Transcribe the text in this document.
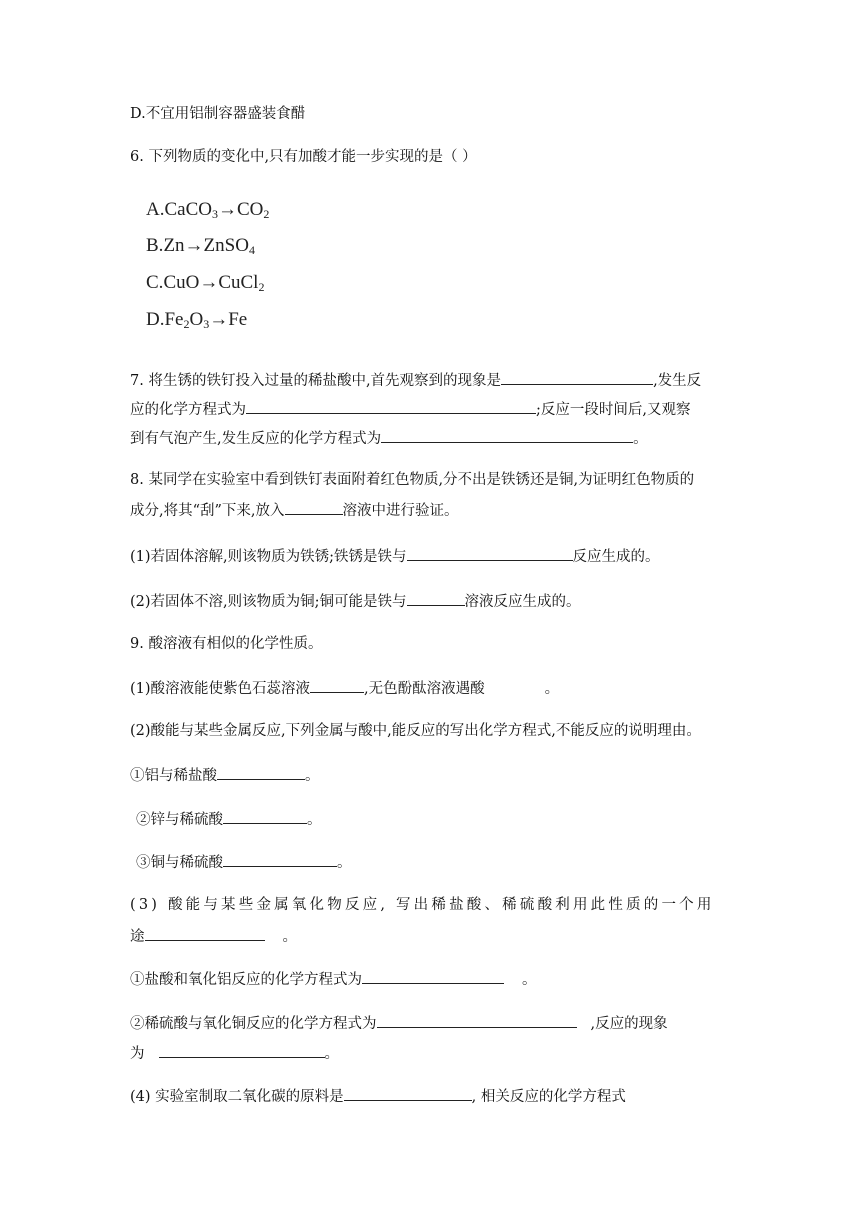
D.不宜用铝制容器盛装食醋
6. 下列物质的变化中,只有加酸才能一步实现的是（ ）
$A.CaCO_3\to CO_2$
B.Zn→ZnSO$_4$
C.CuO→CuCl$_2$
$D.Fe_2O_3\to Fe$
7. 将生锈的铁钉投入过量的稀盐酸中,首先观察到的现象是	,发生反
应的化学方程式为	;反应一段时间后,又观察
到有气泡产生,发生反应的化学方程式为	。
8. 某同学在实验室中看到铁钉表面附着红色物质,分不出是铁锈还是铜,为证明红色物质的
成分,将其“刮”下来,放入	溶液中进行验证。
(1)若固体溶解,则该物质为铁锈;铁锈是铁与	反应生成的。
(2)若固体不溶,则该物质为铜;铜可能是铁与	溶液反应生成的。
9. 酸溶液有相似的化学性质。
(1)酸溶液能使紫色石蕊溶液	,无色酚酞溶液遇酸	。
(2)酸能与某些金属反应,下列金属与酸中,能反应的写出化学方程式,不能反应的说明理由。
①铝与稀盐酸	。
②锌与稀硫酸	。
③铜与稀硫酸	。
(3) 酸能与某些金属氧化物反应, 写出稀盐酸、稀硫酸利用此性质的一个用
途	。
①盐酸和氧化铝反应的化学方程式为	。
②稀硫酸与氧化铜反应的化学方程式为	,反应的现象
为	。
(4) 实验室制取二氧化碳的原料是	, 相关反应的化学方程式
